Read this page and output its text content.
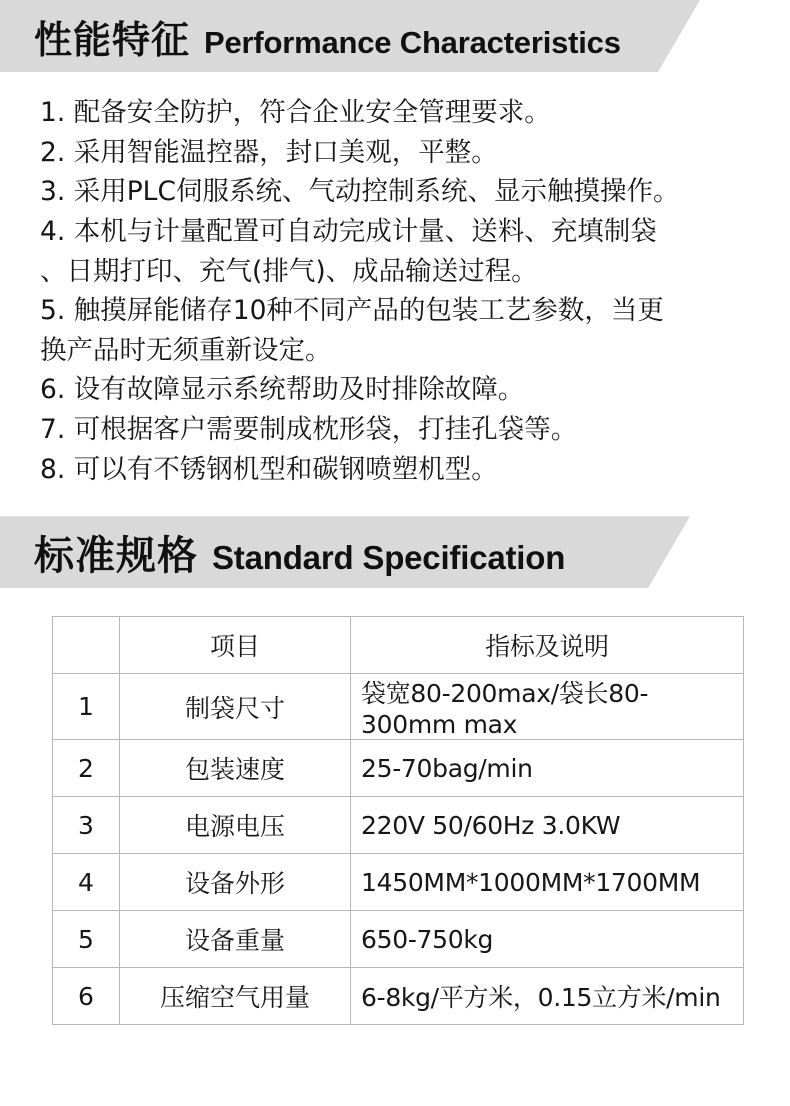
性能特征 Performance Characteristics
1. 配备安全防护，符合企业安全管理要求。
2. 采用智能温控器，封口美观，平整。
3. 采用PLC伺服系统、气动控制系统、显示触摸操作。
4. 本机与计量配置可自动完成计量、送料、充填制袋
、日期打印、充气(排气)、成品输送过程。
5. 触摸屏能储存10种不同产品的包装工艺参数，当更
换产品时无须重新设定。
6. 设有故障显示系统帮助及时排除故障。
7. 可根据客户需要制成枕形袋，打挂孔袋等。
8. 可以有不锈钢机型和碳钢喷塑机型。
标准规格 Standard Specification
	项目	指标及说明
1	制袋尺寸	袋宽80-200max/袋长80-300mm max
2	包装速度	25-70bag/min
3	电源电压	220V 50/60Hz 3.0KW
4	设备外形	1450MM*1000MM*1700MM
5	设备重量	650-750kg
6	压缩空气用量	6-8kg/平方米，0.15立方米/min
